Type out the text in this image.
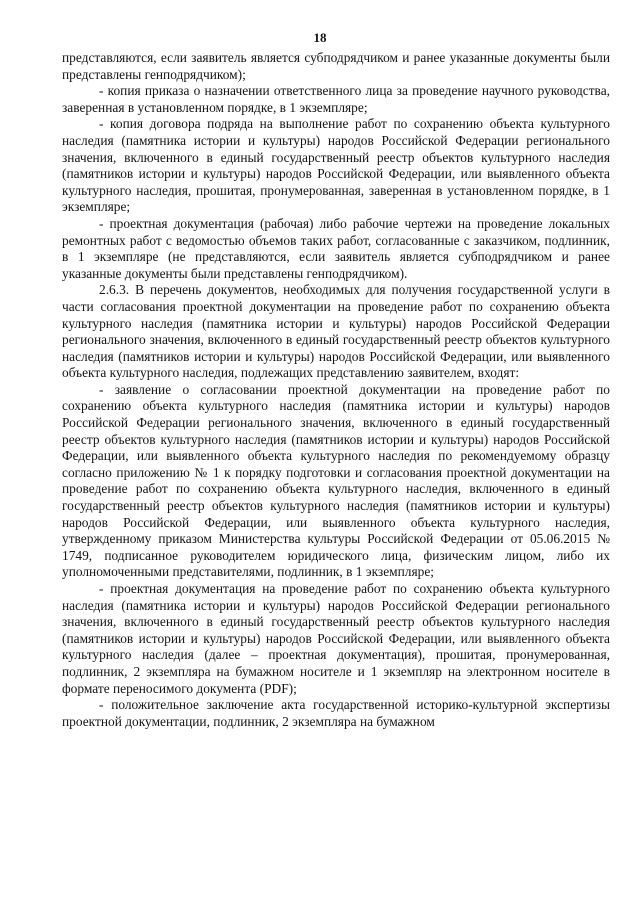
18

представляются, если заявитель является субподрядчиком и ранее указанные документы были представлены генподрядчиком);

- копия приказа о назначении ответственного лица за проведение научного руководства, заверенная в установленном порядке, в 1 экземпляре;

- копия договора подряда на выполнение работ по сохранению объекта культурного наследия (памятника истории и культуры) народов Российской Федерации регионального значения, включенного в единый государственный реестр объектов культурного наследия (памятников истории и культуры) народов Российской Федерации, или выявленного объекта культурного наследия, прошитая, пронумерованная, заверенная в установленном порядке, в 1 экземпляре;

- проектная документация (рабочая) либо рабочие чертежи на проведение локальных ремонтных работ с ведомостью объемов таких работ, согласованные с заказчиком, подлинник, в 1 экземпляре (не представляются, если заявитель является субподрядчиком и ранее указанные документы были представлены генподрядчиком).

2.6.3. В перечень документов, необходимых для получения государственной услуги в части согласования проектной документации на проведение работ по сохранению объекта культурного наследия (памятника истории и культуры) народов Российской Федерации регионального значения, включенного в единый государственный реестр объектов культурного наследия (памятников истории и культуры) народов Российской Федерации, или выявленного объекта культурного наследия, подлежащих представлению заявителем, входят:

- заявление о согласовании проектной документации на проведение работ по сохранению объекта культурного наследия (памятника истории и культуры) народов Российской Федерации регионального значения, включенного в единый государственный реестр объектов культурного наследия (памятников истории и культуры) народов Российской Федерации, или выявленного объекта культурного наследия по рекомендуемому образцу согласно приложению № 1 к порядку подготовки и согласования проектной документации на проведение работ по сохранению объекта культурного наследия, включенного в единый государственный реестр объектов культурного наследия (памятников истории и культуры) народов Российской Федерации, или выявленного объекта культурного наследия, утвержденному приказом Министерства культуры Российской Федерации от 05.06.2015 № 1749, подписанное руководителем юридического лица, физическим лицом, либо их уполномоченными представителями, подлинник, в 1 экземпляре;

- проектная документация на проведение работ по сохранению объекта культурного наследия (памятника истории и культуры) народов Российской Федерации регионального значения, включенного в единый государственный реестр объектов культурного наследия (памятников истории и культуры) народов Российской Федерации, или выявленного объекта культурного наследия (далее – проектная документация), прошитая, пронумерованная, подлинник, 2 экземпляра на бумажном носителе и 1 экземпляр на электронном носителе в формате переносимого документа (PDF);

- положительное заключение акта государственной историко-культурной экспертизы проектной документации, подлинник, 2 экземпляра на бумажном
